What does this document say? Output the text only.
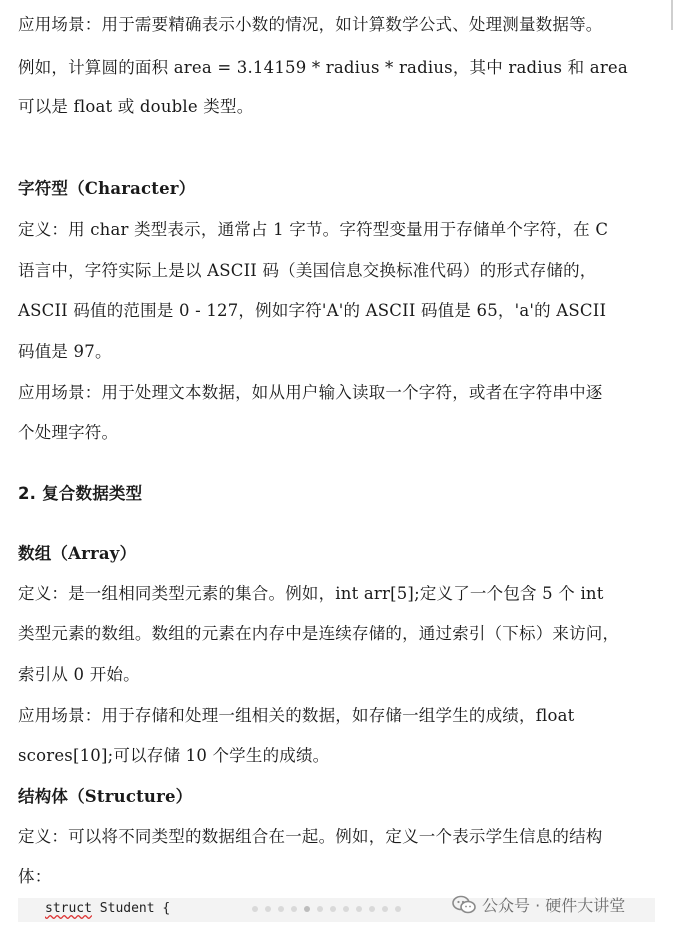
应用场景：用于需要精确表示小数的情况，如计算数学公式、处理测量数据等。
例如，计算圆的面积 area = 3.14159 * radius * radius，其中 radius 和 area
可以是 float 或 double 类型。
字符型（Character）
定义：用 char 类型表示，通常占 1 字节。字符型变量用于存储单个字符，在 C
语言中，字符实际上是以 ASCII 码（美国信息交换标准代码）的形式存储的，
ASCII 码值的范围是 0 - 127，例如字符'A'的 ASCII 码值是 65，'a'的 ASCII
码值是 97。
应用场景：用于处理文本数据，如从用户输入读取一个字符，或者在字符串中逐
个处理字符。
2. 复合数据类型
数组（Array）
定义：是一组相同类型元素的集合。例如，int arr[5];定义了一个包含 5 个 int
类型元素的数组。数组的元素在内存中是连续存储的，通过索引（下标）来访问，
索引从 0 开始。
应用场景：用于存储和处理一组相关的数据，如存储一组学生的成绩，float
scores[10];可以存储 10 个学生的成绩。
结构体（Structure）
定义：可以将不同类型的数据组合在一起。例如，定义一个表示学生信息的结构
体：
struct Student {	公众号 · 硬件大讲堂
